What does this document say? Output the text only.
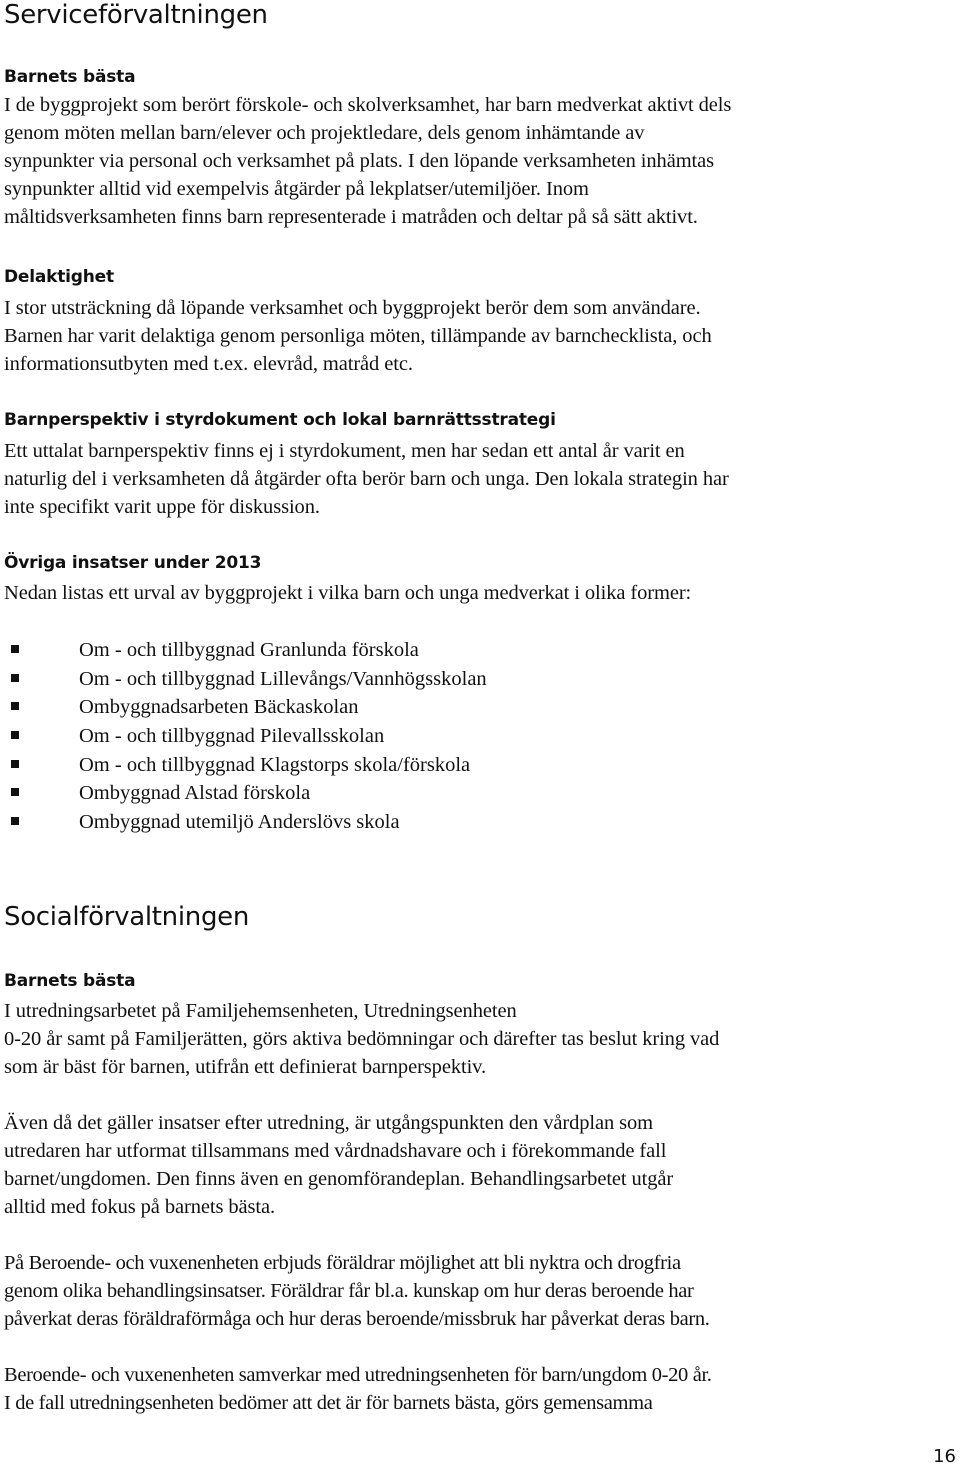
Serviceförvaltningen
Barnets bästa
I de byggprojekt som berört förskole- och skolverksamhet, har barn medverkat aktivt dels
genom möten mellan barn/elever och projektledare, dels genom inhämtande av
synpunkter via personal och verksamhet på plats. I den löpande verksamheten inhämtas
synpunkter alltid vid exempelvis åtgärder på lekplatser/utemiljöer. Inom
måltidsverksamheten finns barn representerade i matråden och deltar på så sätt aktivt.
Delaktighet
I stor utsträckning då löpande verksamhet och byggprojekt berör dem som användare.
Barnen har varit delaktiga genom personliga möten, tillämpande av barnchecklista, och
informationsutbyten med t.ex. elevråd, matråd etc.
Barnperspektiv i styrdokument och lokal barnrättsstrategi
Ett uttalat barnperspektiv finns ej i styrdokument, men har sedan ett antal år varit en
naturlig del i verksamheten då åtgärder ofta berör barn och unga. Den lokala strategin har
inte specifikt varit uppe för diskussion.
Övriga insatser under 2013
Nedan listas ett urval av byggprojekt i vilka barn och unga medverkat i olika former:
Om - och tillbyggnad Granlunda förskola
Om - och tillbyggnad Lillevångs/Vannhögsskolan
Ombyggnadsarbeten Bäckaskolan
Om - och tillbyggnad Pilevallsskolan
Om - och tillbyggnad Klagstorps skola/förskola
Ombyggnad Alstad förskola
Ombyggnad utemiljö Anderslövs skola
Socialförvaltningen
Barnets bästa
I utredningsarbetet på Familjehemsenheten, Utredningsenheten
0-20 år samt på Familjerätten, görs aktiva bedömningar och därefter tas beslut kring vad
som är bäst för barnen, utifrån ett definierat barnperspektiv.
Även då det gäller insatser efter utredning, är utgångspunkten den vårdplan som
utredaren har utformat tillsammans med vårdnadshavare och i förekommande fall
barnet/ungdomen. Den finns även en genomförandeplan. Behandlingsarbetet utgår
alltid med fokus på barnets bästa.
På Beroende- och vuxenenheten erbjuds föräldrar möjlighet att bli nyktra och drogfria
genom olika behandlingsinsatser. Föräldrar får bl.a. kunskap om hur deras beroende har
påverkat deras föräldraförmåga och hur deras beroende/missbruk har påverkat deras barn.
Beroende- och vuxenenheten samverkar med utredningsenheten för barn/ungdom 0-20 år.
I de fall utredningsenheten bedömer att det är för barnets bästa, görs gemensamma
16
